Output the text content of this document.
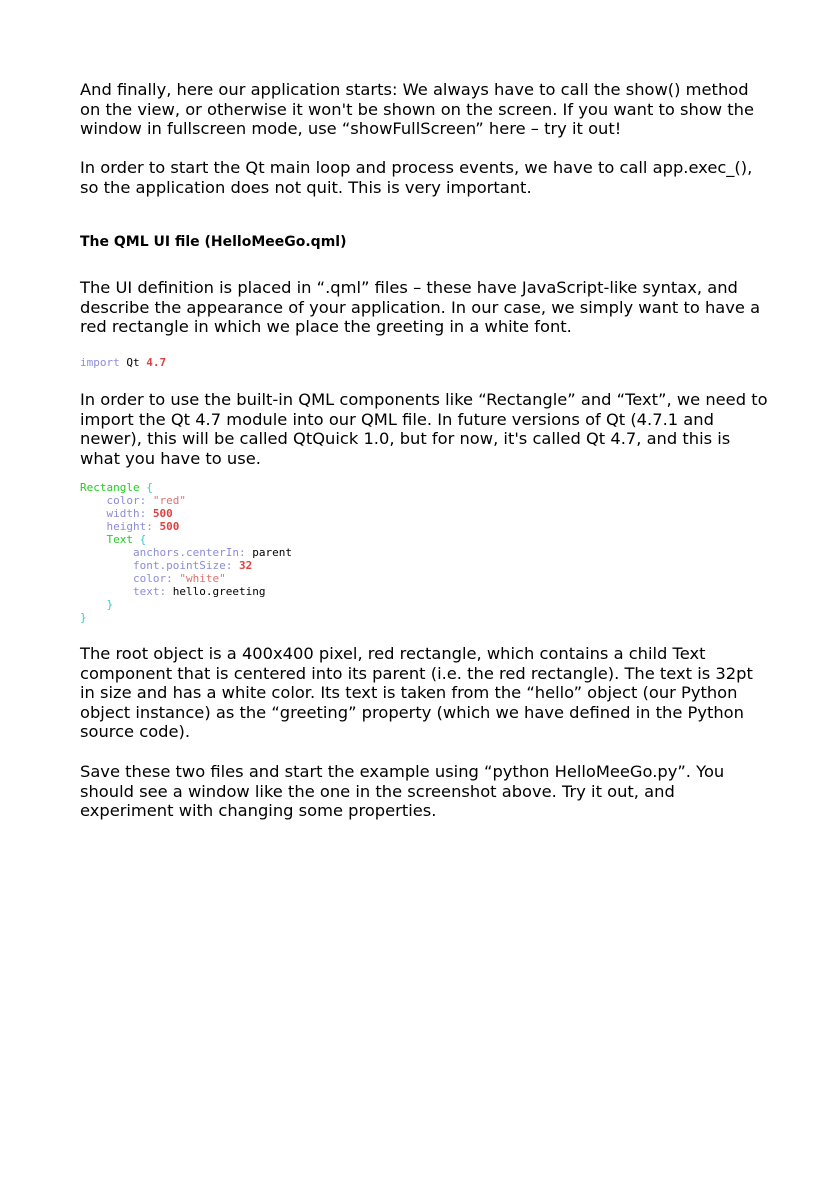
And finally, here our application starts: We always have to call the show() method on the view, or otherwise it won't be shown on the screen. If you want to show the window in fullscreen mode, use “showFullScreen” here – try it out!

In order to start the Qt main loop and process events, we have to call app.exec_(), so the application does not quit. This is very important.

The QML UI file (HelloMeeGo.qml)

The UI definition is placed in “.qml” files – these have JavaScript-like syntax, and describe the appearance of your application. In our case, we simply want to have a red rectangle in which we place the greeting in a white font.

import Qt 4.7

In order to use the built-in QML components like “Rectangle” and “Text”, we need to import the Qt 4.7 module into our QML file. In future versions of Qt (4.7.1 and newer), this will be called QtQuick 1.0, but for now, it's called Qt 4.7, and this is what you have to use.

Rectangle {
color: "red"
width: 500
height: 500
Text {
anchors.centerIn: parent
font.pointSize: 32
color: "white"
text: hello.greeting
}
}

The root object is a 400x400 pixel, red rectangle, which contains a child Text component that is centered into its parent (i.e. the red rectangle). The text is 32pt in size and has a white color. Its text is taken from the “hello” object (our Python object instance) as the “greeting” property (which we have defined in the Python source code).

Save these two files and start the example using “python HelloMeeGo.py”. You should see a window like the one in the screenshot above. Try it out, and experiment with changing some properties.
